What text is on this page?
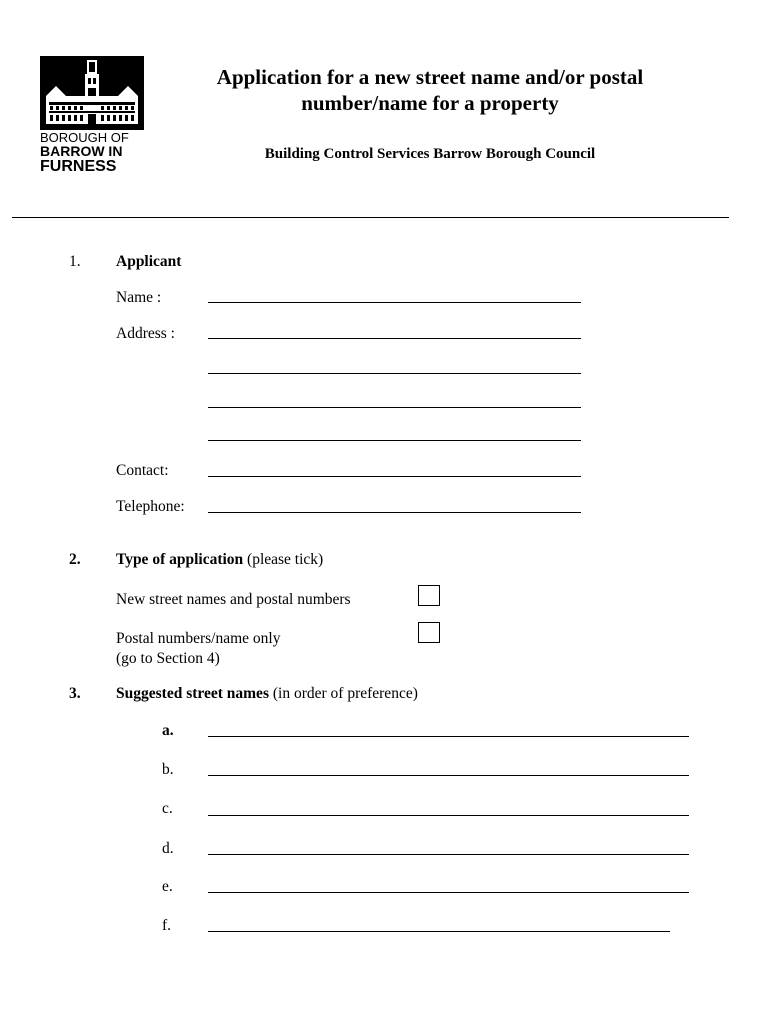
BOROUGH OF
BARROW IN
FURNESS
Application for a new street name and/or postal
number/name for a property
Building Control Services Barrow Borough Council
1. Applicant
Name :
Address :
Contact:
Telephone:
2. Type of application (please tick)
New street names and postal numbers
Postal numbers/name only
(go to Section 4)
3. Suggested street names (in order of preference)
a.
b.
c.
d.
e.
f.
